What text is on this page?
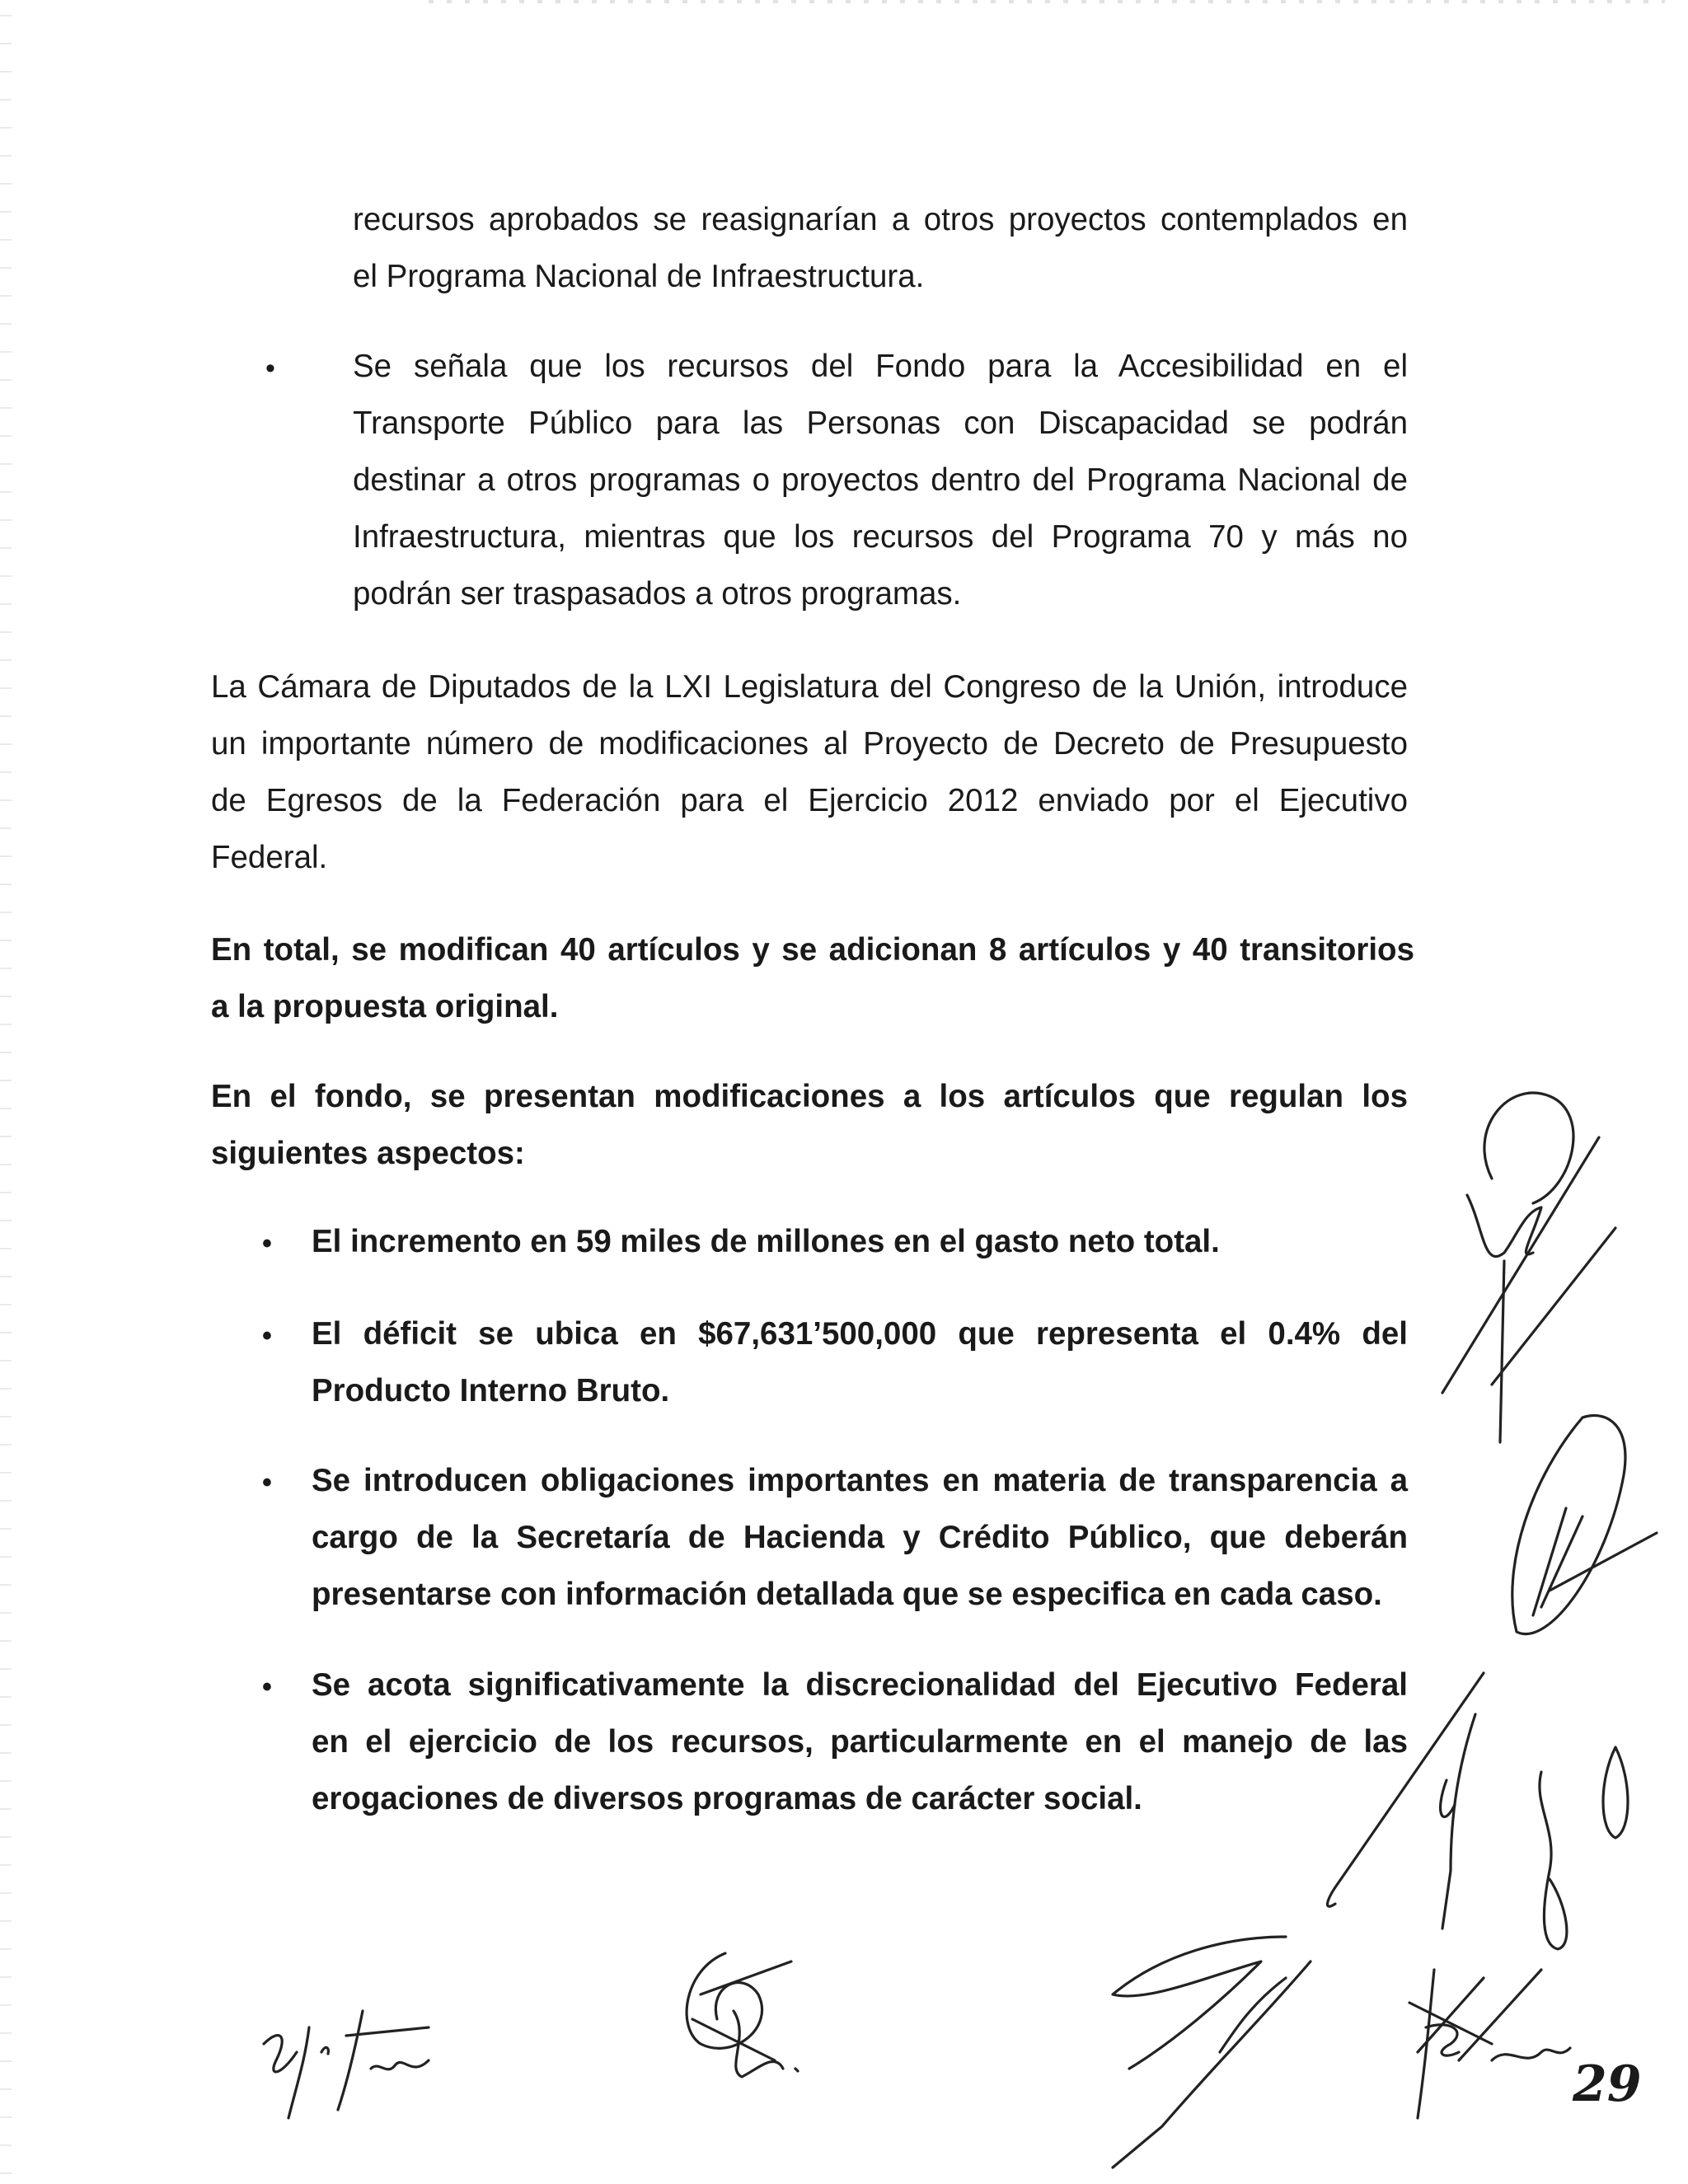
recursos aprobados se reasignarían a otros proyectos contemplados en
el Programa Nacional de Infraestructura.
• Se señala que los recursos del Fondo para la Accesibilidad en el
Transporte Público para las Personas con Discapacidad se podrán
destinar a otros programas o proyectos dentro del Programa Nacional de
Infraestructura, mientras que los recursos del Programa 70 y más no
podrán ser traspasados a otros programas.
La Cámara de Diputados de la LXI Legislatura del Congreso de la Unión, introduce
un importante número de modificaciones al Proyecto de Decreto de Presupuesto
de Egresos de la Federación para el Ejercicio 2012 enviado por el Ejecutivo
Federal.
En total, se modifican 40 artículos y se adicionan 8 artículos y 40 transitorios
a la propuesta original.
En el fondo, se presentan modificaciones a los artículos que regulan los
siguientes aspectos:
• El incremento en 59 miles de millones en el gasto neto total.
• El déficit se ubica en $67,631’500,000 que representa el 0.4% del
Producto Interno Bruto.
• Se introducen obligaciones importantes en materia de transparencia a
cargo de la Secretaría de Hacienda y Crédito Público, que deberán
presentarse con información detallada que se especifica en cada caso.
• Se acota significativamente la discrecionalidad del Ejecutivo Federal
en el ejercicio de los recursos, particularmente en el manejo de las
erogaciones de diversos programas de carácter social.
29
